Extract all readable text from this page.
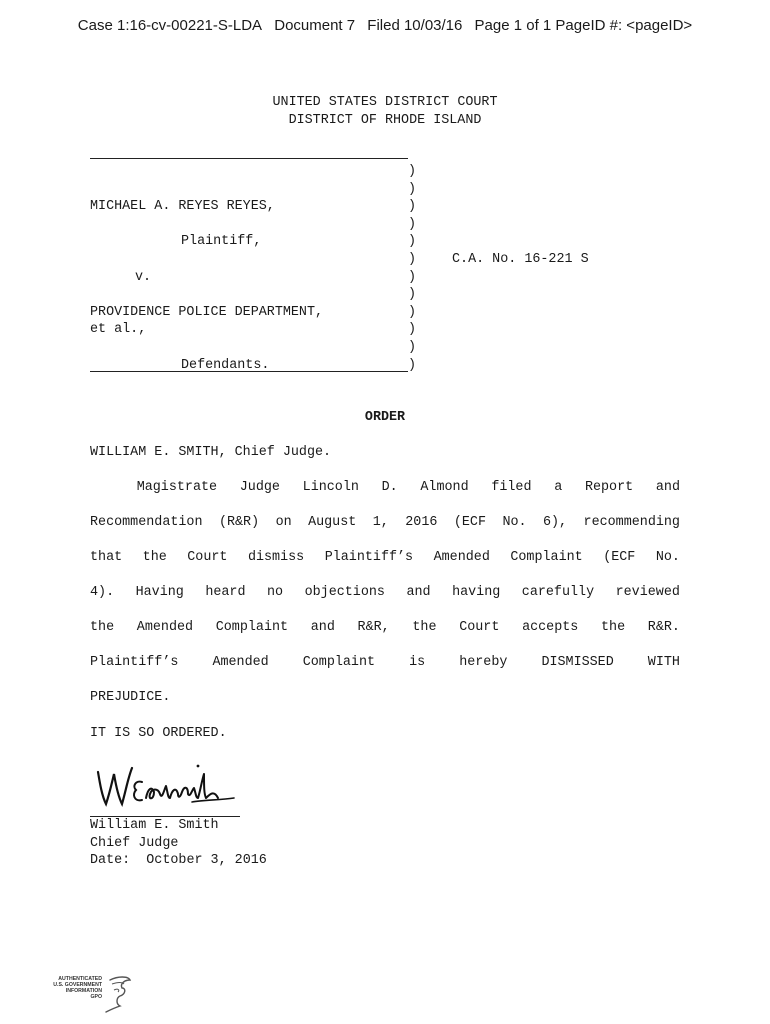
Case 1:16-cv-00221-S-LDA Document 7 Filed 10/03/16 Page 1 of 1 PageID #: <pageID>
UNITED STATES DISTRICT COURT
DISTRICT OF RHODE ISLAND
MICHAEL A. REYES REYES,
Plaintiff,
v.
PROVIDENCE POLICE DEPARTMENT,
et al.,
Defendants.
)
)
)
)
)
)
)
)
)
)
)
)
C.A. No. 16-221 S
ORDER
WILLIAM E. SMITH, Chief Judge.
Magistrate Judge Lincoln D. Almond filed a Report and
Recommendation (R&R) on August 1, 2016 (ECF No. 6), recommending
that the Court dismiss Plaintiff’s Amended Complaint (ECF No.
4). Having heard no objections and having carefully reviewed
the Amended Complaint and R&R, the Court accepts the R&R.
Plaintiff’s	Amended	Complaint	is	hereby	DISMISSED	WITH
PREJUDICE.
IT IS SO ORDERED.
William E. Smith
Chief Judge
Date: October 3, 2016
AUTHENTICATED
U.S. GOVERNMENT
INFORMATION
GPO
